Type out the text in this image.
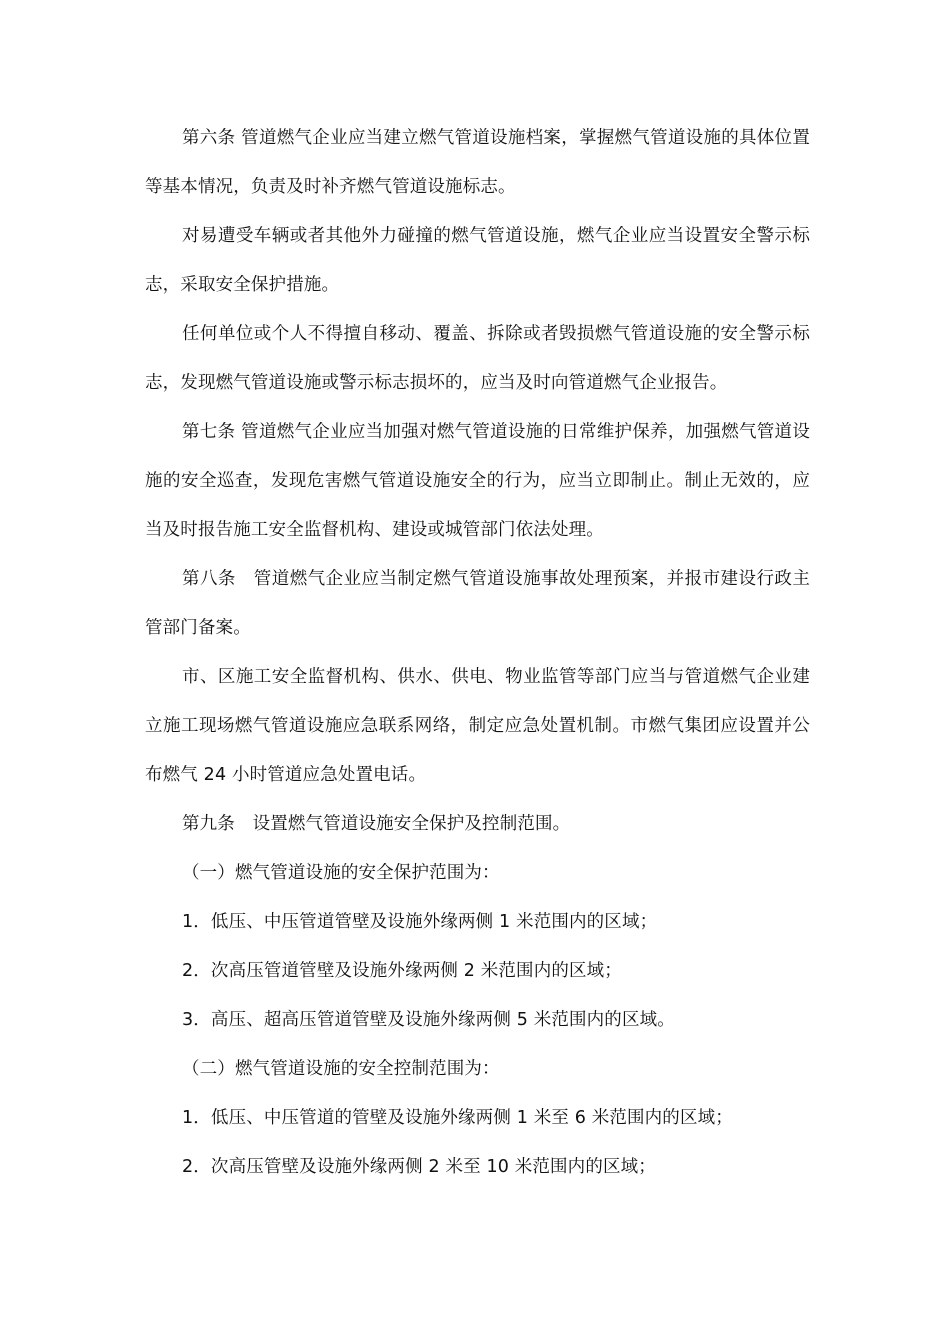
第六条 管道燃气企业应当建立燃气管道设施档案，掌握燃气管道设施的具体位置等基本情况，负责及时补齐燃气管道设施标志。

对易遭受车辆或者其他外力碰撞的燃气管道设施，燃气企业应当设置安全警示标志，采取安全保护措施。

任何单位或个人不得擅自移动、覆盖、拆除或者毁损燃气管道设施的安全警示标志，发现燃气管道设施或警示标志损坏的，应当及时向管道燃气企业报告。

第七条 管道燃气企业应当加强对燃气管道设施的日常维护保养，加强燃气管道设施的安全巡查，发现危害燃气管道设施安全的行为，应当立即制止。制止无效的，应当及时报告施工安全监督机构、建设或城管部门依法处理。

第八条　管道燃气企业应当制定燃气管道设施事故处理预案，并报市建设行政主管部门备案。

市、区施工安全监督机构、供水、供电、物业监管等部门应当与管道燃气企业建立施工现场燃气管道设施应急联系网络，制定应急处置机制。市燃气集团应设置并公布燃气 24 小时管道应急处置电话。

第九条　设置燃气管道设施安全保护及控制范围。

（一）燃气管道设施的安全保护范围为：

1．低压、中压管道管壁及设施外缘两侧 1 米范围内的区域；

2．次高压管道管壁及设施外缘两侧 2 米范围内的区域；

3．高压、超高压管道管壁及设施外缘两侧 5 米范围内的区域。

（二）燃气管道设施的安全控制范围为：

1．低压、中压管道的管壁及设施外缘两侧 1 米至 6 米范围内的区域；

2．次高压管壁及设施外缘两侧 2 米至 10 米范围内的区域；
